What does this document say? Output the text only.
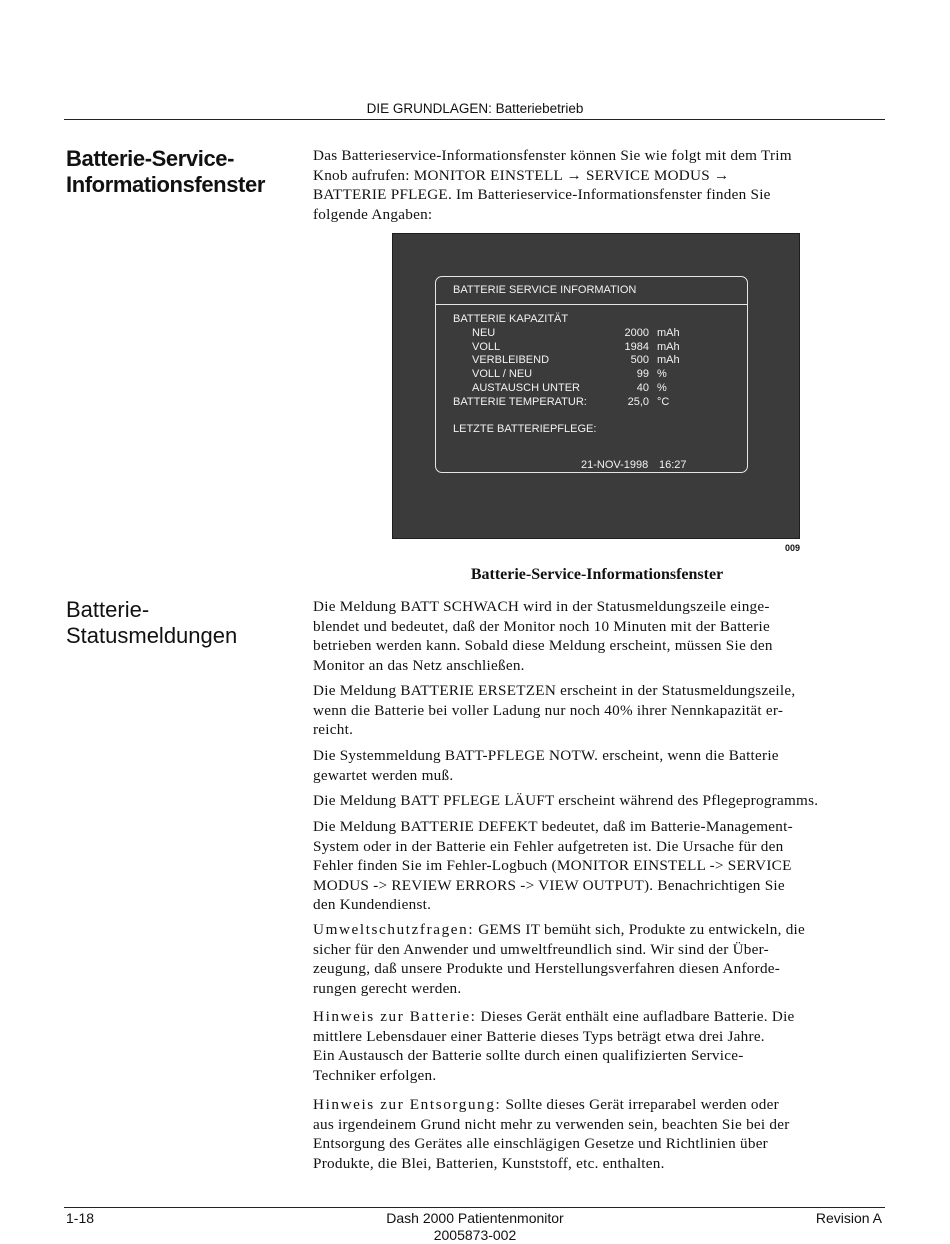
DIE GRUNDLAGEN: Batteriebetrieb
Batterie-Service-
Informationsfenster
Das Batterieservice-Informationsfenster können Sie wie folgt mit dem Trim
Knob aufrufen: MONITOR EINSTELL → SERVICE MODUS →
BATTERIE PFLEGE. Im Batterieservice-Informationsfenster finden Sie
folgende Angaben:
BATTERIE SERVICE INFORMATION
BATTERIE KAPAZITÄT
NEU	2000 mAh
VOLL	1984 mAh
VERBLEIBEND	500 mAh
VOLL / NEU	99 %
AUSTAUSCH UNTER	40 %
BATTERIE TEMPERATUR:	25,0 °C
LETZTE BATTERIEPFLEGE:
21-NOV-1998 16:27
009
Batterie-Service-Informationsfenster
Batterie-
Statusmeldungen
Die Meldung BATT SCHWACH wird in der Statusmeldungszeile einge-
blendet und bedeutet, daß der Monitor noch 10 Minuten mit der Batterie
betrieben werden kann. Sobald diese Meldung erscheint, müssen Sie den
Monitor an das Netz anschließen.
Die Meldung BATTERIE ERSETZEN erscheint in der Statusmeldungszeile,
wenn die Batterie bei voller Ladung nur noch 40% ihrer Nennkapazität er-
reicht.
Die Systemmeldung BATT-PFLEGE NOTW. erscheint, wenn die Batterie
gewartet werden muß.
Die Meldung BATT PFLEGE LÄUFT erscheint während des Pflegeprogramms.
Die Meldung BATTERIE DEFEKT bedeutet, daß im Batterie-Management-
System oder in der Batterie ein Fehler aufgetreten ist. Die Ursache für den
Fehler finden Sie im Fehler-Logbuch (MONITOR EINSTELL -> SERVICE
MODUS -> REVIEW ERRORS -> VIEW OUTPUT). Benachrichtigen Sie
den Kundendienst.
Umweltschutzfragen: GEMS IT bemüht sich, Produkte zu entwickeln, die
sicher für den Anwender und umweltfreundlich sind. Wir sind der Über-
zeugung, daß unsere Produkte und Herstellungsverfahren diesen Anforde-
rungen gerecht werden.
Hinweis zur Batterie: Dieses Gerät enthält eine aufladbare Batterie. Die
mittlere Lebensdauer einer Batterie dieses Typs beträgt etwa drei Jahre.
Ein Austausch der Batterie sollte durch einen qualifizierten Service-
Techniker erfolgen.
Hinweis zur Entsorgung: Sollte dieses Gerät irreparabel werden oder
aus irgendeinem Grund nicht mehr zu verwenden sein, beachten Sie bei der
Entsorgung des Gerätes alle einschlägigen Gesetze und Richtlinien über
Produkte, die Blei, Batterien, Kunststoff, etc. enthalten.
1-18	Dash 2000 Patientenmonitor
2005873-002
Revision A
